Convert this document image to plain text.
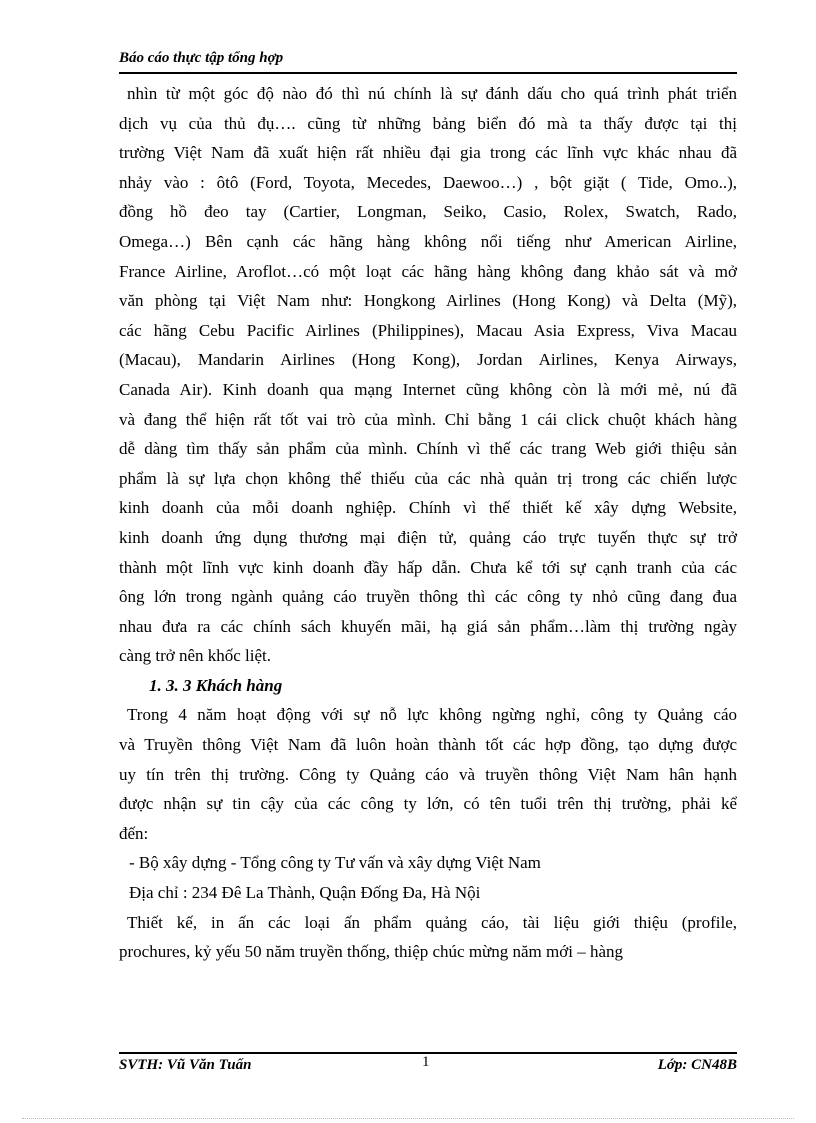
Báo cáo thực tập tổng hợp
nhìn từ một góc độ nào đó thì nú chính là sự đánh dấu cho quá trình phát triển
dịch vụ của thủ đụ…. cũng từ những bảng biển đó mà ta thấy được tại thị
trường Việt Nam đã xuất hiện rất nhiều đại gia trong các lĩnh vực khác nhau đã
nhảy vào : ôtô (Ford, Toyota, Mecedes, Daewoo…) , bột giặt ( Tide, Omo..),
đồng hồ đeo tay (Cartier, Longman, Seiko, Casio, Rolex, Swatch, Rado,
Omega…) Bên cạnh các hãng hàng không nổi tiếng như American Airline,
France Airline, Aroflot…có một loạt các hãng hàng không đang khảo sát và mở
văn phòng tại Việt Nam như: Hongkong Airlines (Hong Kong) và Delta (Mỹ),
các hãng Cebu Pacific Airlines (Philippines), Macau Asia Express, Viva Macau
(Macau), Mandarin Airlines (Hong Kong), Jordan Airlines, Kenya Airways,
Canada Air). Kinh doanh qua mạng Internet cũng không còn là mới mẻ, nú đã
và đang thể hiện rất tốt vai trò của mình. Chỉ bằng 1 cái click chuột khách hàng
dễ dàng tìm thấy sản phẩm của mình. Chính vì thế các trang Web giới thiệu sản
phẩm là sự lựa chọn không thể thiếu của các nhà quản trị trong các chiến lược
kinh doanh của mỗi doanh nghiệp. Chính vì thế thiết kế xây dựng Website,
kinh doanh ứng dụng thương mại điện tử, quảng cáo trực tuyến thực sự trở
thành một lĩnh vực kinh doanh đầy hấp dẫn. Chưa kể tới sự cạnh tranh của các
ông lớn trong ngành quảng cáo truyền thông thì các công ty nhỏ cũng đang đua
nhau đưa ra các chính sách khuyến mãi, hạ giá sản phẩm…làm thị trường ngày
càng trở nên khốc liệt.
1. 3. 3 Khách hàng
Trong 4 năm hoạt động với sự nỗ lực không ngừng nghỉ, công ty Quảng cáo
và Truyền thông Việt Nam đã luôn hoàn thành tốt các hợp đồng, tạo dựng được
uy tín trên thị trường. Công ty Quảng cáo và truyền thông Việt Nam hân hạnh
được nhận sự tin cậy của các công ty lớn, có tên tuổi trên thị trường, phải kể
đến:
- Bộ xây dựng - Tổng công ty Tư vấn và xây dựng Việt Nam
Địa chỉ : 234 Đê La Thành, Quận Đống Đa, Hà Nội
Thiết kế, in ấn các loại ấn phẩm quảng cáo, tài liệu giới thiệu (profile,
prochures, kỷ yếu 50 năm truyền thống, thiệp chúc mừng năm mới – hàng
SVTH: Vũ Văn Tuấn	1	Lớp: CN48B
